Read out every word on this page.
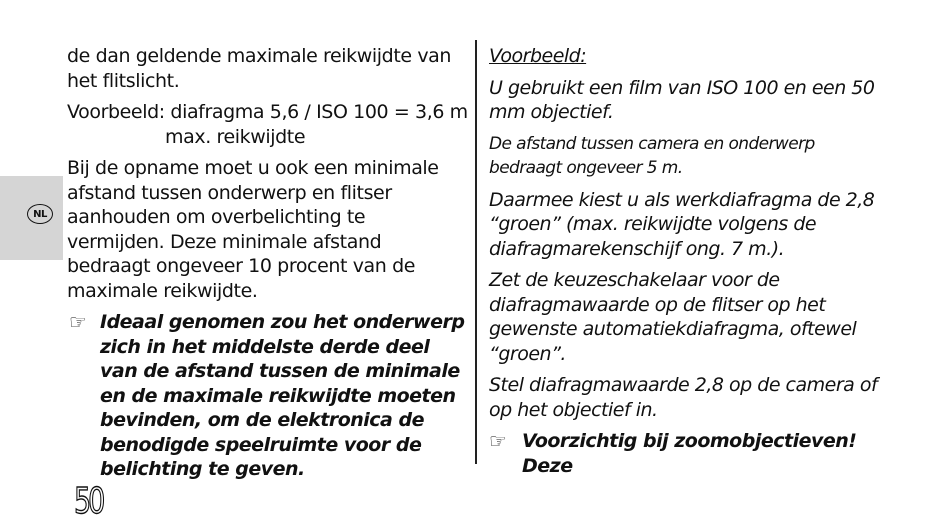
NL

de dan geldende maximale reikwijdte van het flitslicht.

Voorbeeld: diafragma 5,6 / ISO 100 = 3,6 m
max. reikwijdte

Bij de opname moet u ook een minimale afstand tussen onderwerp en flitser aanhouden om overbelichting te vermijden. Deze minimale afstand bedraagt ongeveer 10 procent van de maximale reikwijdte.

☞ Ideaal genomen zou het onderwerp zich in het middelste derde deel van de afstand tussen de minimale en de maximale reikwijdte moeten bevinden, om de elektronica de benodigde speelruimte voor de belichting te geven.

Voorbeeld:

U gebruikt een film van ISO 100 en een 50 mm objectief.

De afstand tussen camera en onderwerp bedraagt ongeveer 5 m.

Daarmee kiest u als werkdiafragma de 2,8 “groen” (max. reikwijdte volgens de diafragmarekenschijf ong. 7 m.).

Zet de keuzeschakelaar voor de diafragmawaarde op de flitser op het gewenste automatiekdiafragma, oftewel “groen”.

Stel diafragmawaarde 2,8 op de camera of op het objectief in.

☞ Voorzichtig bij zoomobjectieven! Deze

50
